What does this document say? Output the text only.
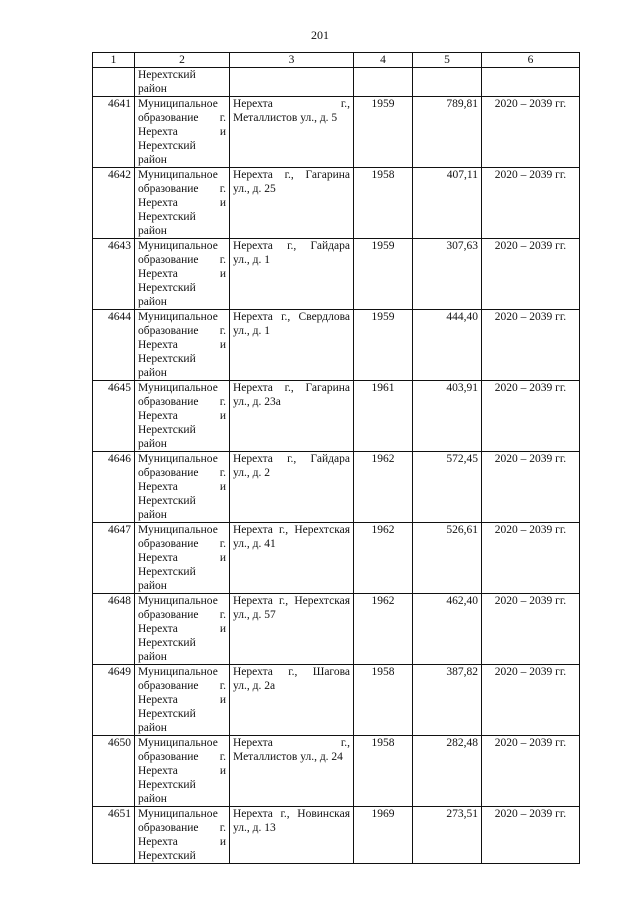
201
1	2	3	4	5	6

	Нерехтский
район				

4641	Муниципальное
образование г.
Нерехта и
Нерехтский
район	Нерехта г.,
Металлистов ул., д. 5	1959	789,81	2020 – 2039 гг.
4642	Муниципальное
образование г.
Нерехта и
Нерехтский
район	Нерехта г., Гагарина
ул., д. 25	1958	407,11	2020 – 2039 гг.
4643	Муниципальное
образование г.
Нерехта и
Нерехтский
район	Нерехта г., Гайдара
ул., д. 1	1959	307,63	2020 – 2039 гг.
4644	Муниципальное
образование г.
Нерехта и
Нерехтский
район	Нерехта г., Свердлова
ул., д. 1	1959	444,40	2020 – 2039 гг.
4645	Муниципальное
образование г.
Нерехта и
Нерехтский
район	Нерехта г., Гагарина
ул., д. 23а	1961	403,91	2020 – 2039 гг.
4646	Муниципальное
образование г.
Нерехта и
Нерехтский
район	Нерехта г., Гайдара
ул., д. 2	1962	572,45	2020 – 2039 гг.
4647	Муниципальное
образование г.
Нерехта и
Нерехтский
район	Нерехта г., Нерехтская
ул., д. 41	1962	526,61	2020 – 2039 гг.
4648	Муниципальное
образование г.
Нерехта и
Нерехтский
район	Нерехта г., Нерехтская
ул., д. 57	1962	462,40	2020 – 2039 гг.
4649	Муниципальное
образование г.
Нерехта и
Нерехтский
район	Нерехта г., Шагова
ул., д. 2а	1958	387,82	2020 – 2039 гг.
4650	Муниципальное
образование г.
Нерехта и
Нерехтский
район	Нерехта г.,
Металлистов ул., д. 24	1958	282,48	2020 – 2039 гг.
4651	Муниципальное
образование г.
Нерехта и
Нерехтский	Нерехта г., Новинская
ул., д. 13	1969	273,51	2020 – 2039 гг.
